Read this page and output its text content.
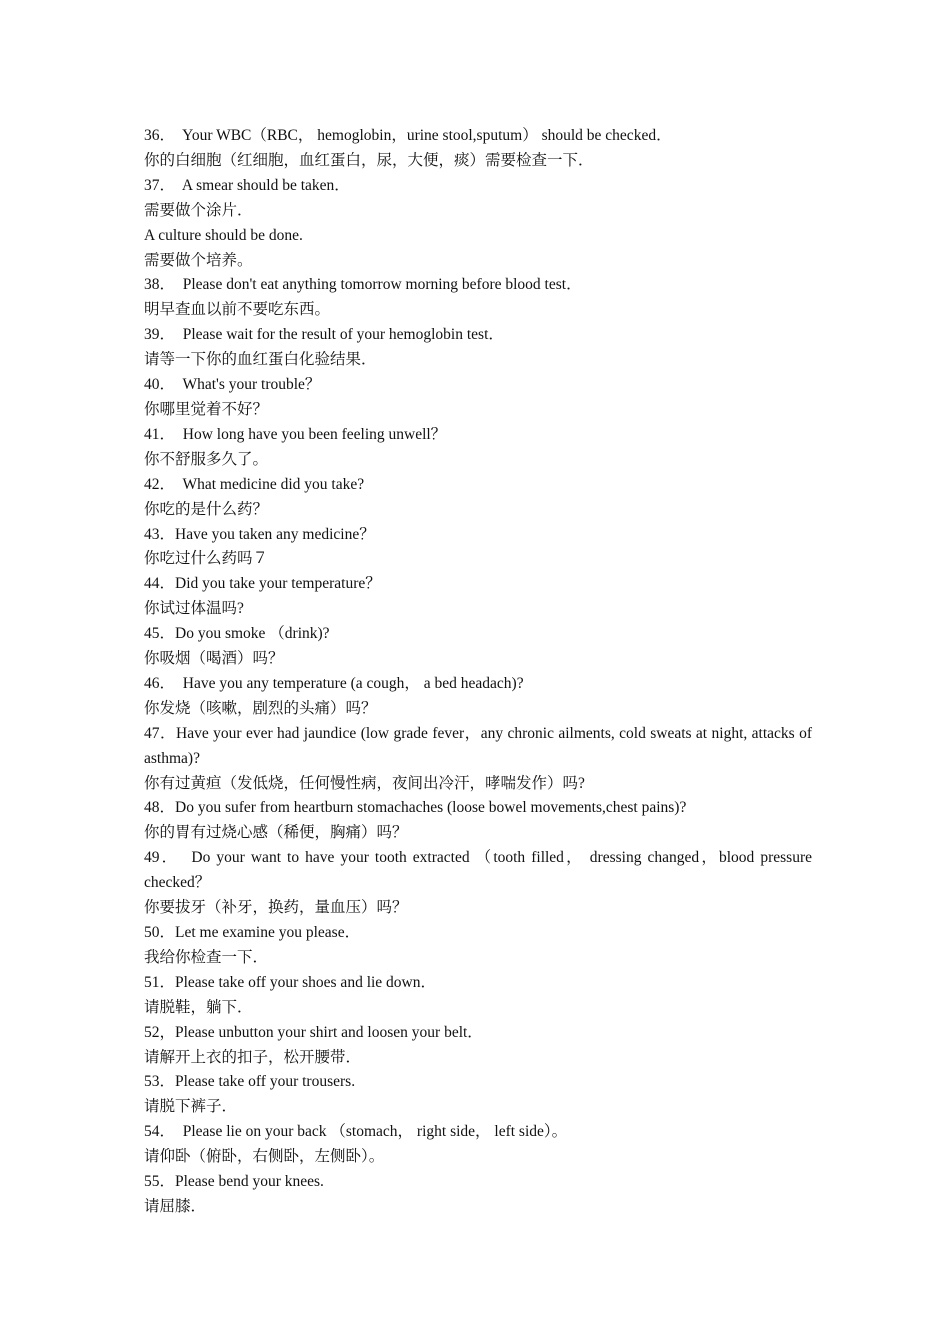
36．  Your WBC（RBC， hemoglobin，urine stool,sputum） should be checked．

你的白细胞（红细胞，血红蛋白，尿，大便，痰）需要检查一下．

37．  A smear should be taken．

需要做个涂片．

A culture should be done.

需要做个培养。

38．  Please don't eat anything tomorrow morning before blood test．

明早查血以前不要吃东西。

39．  Please wait for the result of your hemoglobin test．

请等一下你的血红蛋白化验结果．

40．  What's your trouble？

你哪里觉着不好？

41．  How long have you been feeling unwell？

你不舒服多久了。

42．  What medicine did you take?

你吃的是什么药？

43．Have you taken any medicine？

你吃过什么药吗７

44．Did you take your temperature？

你试过体温吗?

45．Do you smoke （drink)?

你吸烟（喝酒）吗？

46．  Have you any temperature (a cough， a bed headach)?

你发烧（咳嗽，剧烈的头痛）吗？

47．Have your ever had jaundice (low grade fever，any chronic ailments, cold sweats at night, attacks of asthma)?

你有过黄疸（发低烧，任何慢性病，夜间出冷汗，哮喘发作）吗?

48．Do you sufer from heartburn stomachaches (loose bowel movements,chest pains)?

你的胃有过烧心感（稀便，胸痛）吗？

49．  Do your want to have your tooth extracted （tooth filled， dressing changed，blood pressure checked？

你要拔牙（补牙，换药，量血压）吗？

50．Let me examine you please．

我给你检查一下．

51．Please take off your shoes and lie down．

请脱鞋，躺下．

52，Please unbutton your shirt and loosen your belt．

请解开上衣的扣子，松开腰带．

53．Please take off your trousers.

请脱下裤子．

54．  Please lie on your back （stomach， right side， left side）。

请仰卧（俯卧，右侧卧，左侧卧）。

55．Please bend your knees.

请屈膝．
